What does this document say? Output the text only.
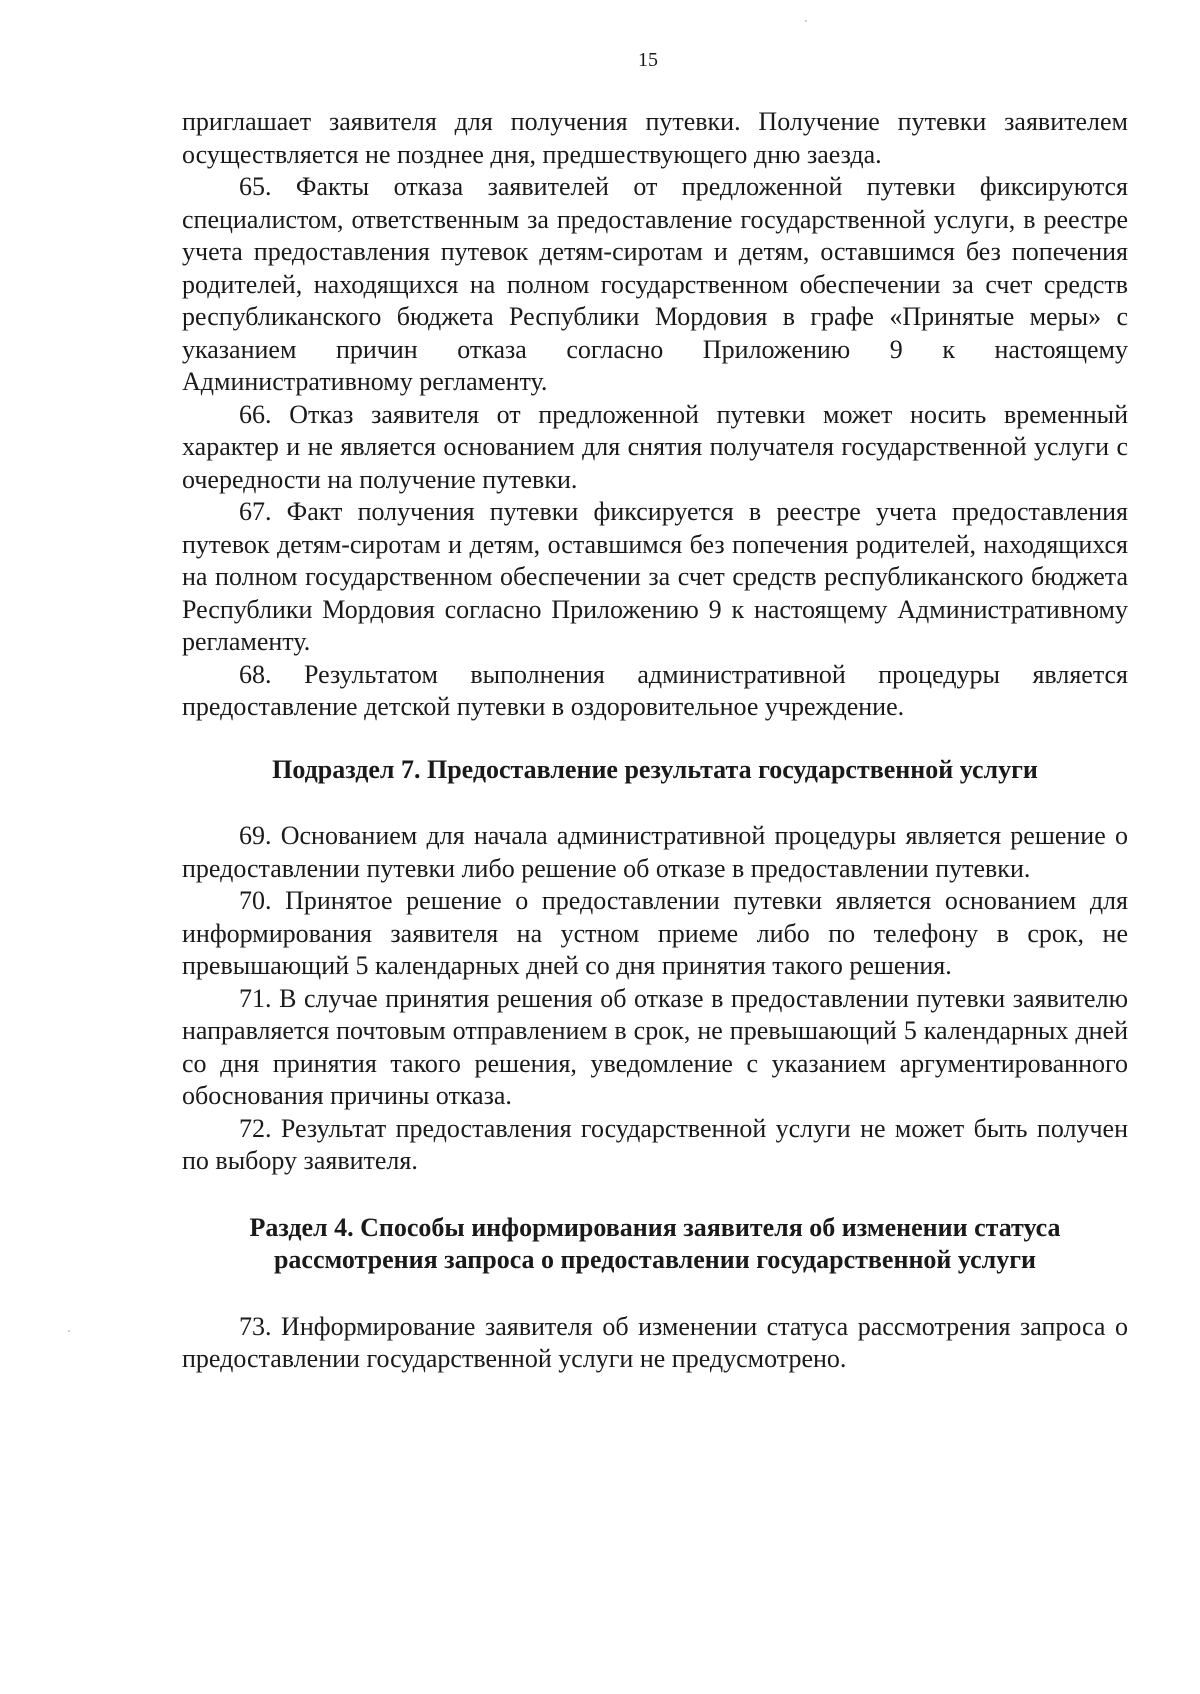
15

приглашает заявителя для получения путевки. Получение путевки заявителем осуществляется не позднее дня, предшествующего дню заезда.

65. Факты отказа заявителей от предложенной путевки фиксируются специалистом, ответственным за предоставление государственной услуги, в реестре учета предоставления путевок детям-сиротам и детям, оставшимся без попечения родителей, находящихся на полном государственном обеспечении за счет средств республиканского бюджета Республики Мордовия в графе «Принятые меры» с указанием причин отказа согласно Приложению 9 к настоящему Административному регламенту.

66. Отказ заявителя от предложенной путевки может носить временный характер и не является основанием для снятия получателя государственной услуги с очередности на получение путевки.

67. Факт получения путевки фиксируется в реестре учета предоставления путевок детям-сиротам и детям, оставшимся без попечения родителей, находящихся на полном государственном обеспечении за счет средств республиканского бюджета Республики Мордовия согласно Приложению 9 к настоящему Административному регламенту.

68. Результатом выполнения административной процедуры является предоставление детской путевки в оздоровительное учреждение.

Подраздел 7. Предоставление результата государственной услуги

69. Основанием для начала административной процедуры является решение о предоставлении путевки либо решение об отказе в предоставлении путевки.

70. Принятое решение о предоставлении путевки является основанием для информирования заявителя на устном приеме либо по телефону в срок, не превышающий 5 календарных дней со дня принятия такого решения.

71. В случае принятия решения об отказе в предоставлении путевки заявителю направляется почтовым отправлением в срок, не превышающий 5 календарных дней со дня принятия такого решения, уведомление с указанием аргументированного обоснования причины отказа.

72. Результат предоставления государственной услуги не может быть получен по выбору заявителя.

Раздел 4. Способы информирования заявителя об изменении статуса
рассмотрения запроса о предоставлении государственной услуги

73. Информирование заявителя об изменении статуса рассмотрения запроса о предоставлении государственной услуги не предусмотрено.
